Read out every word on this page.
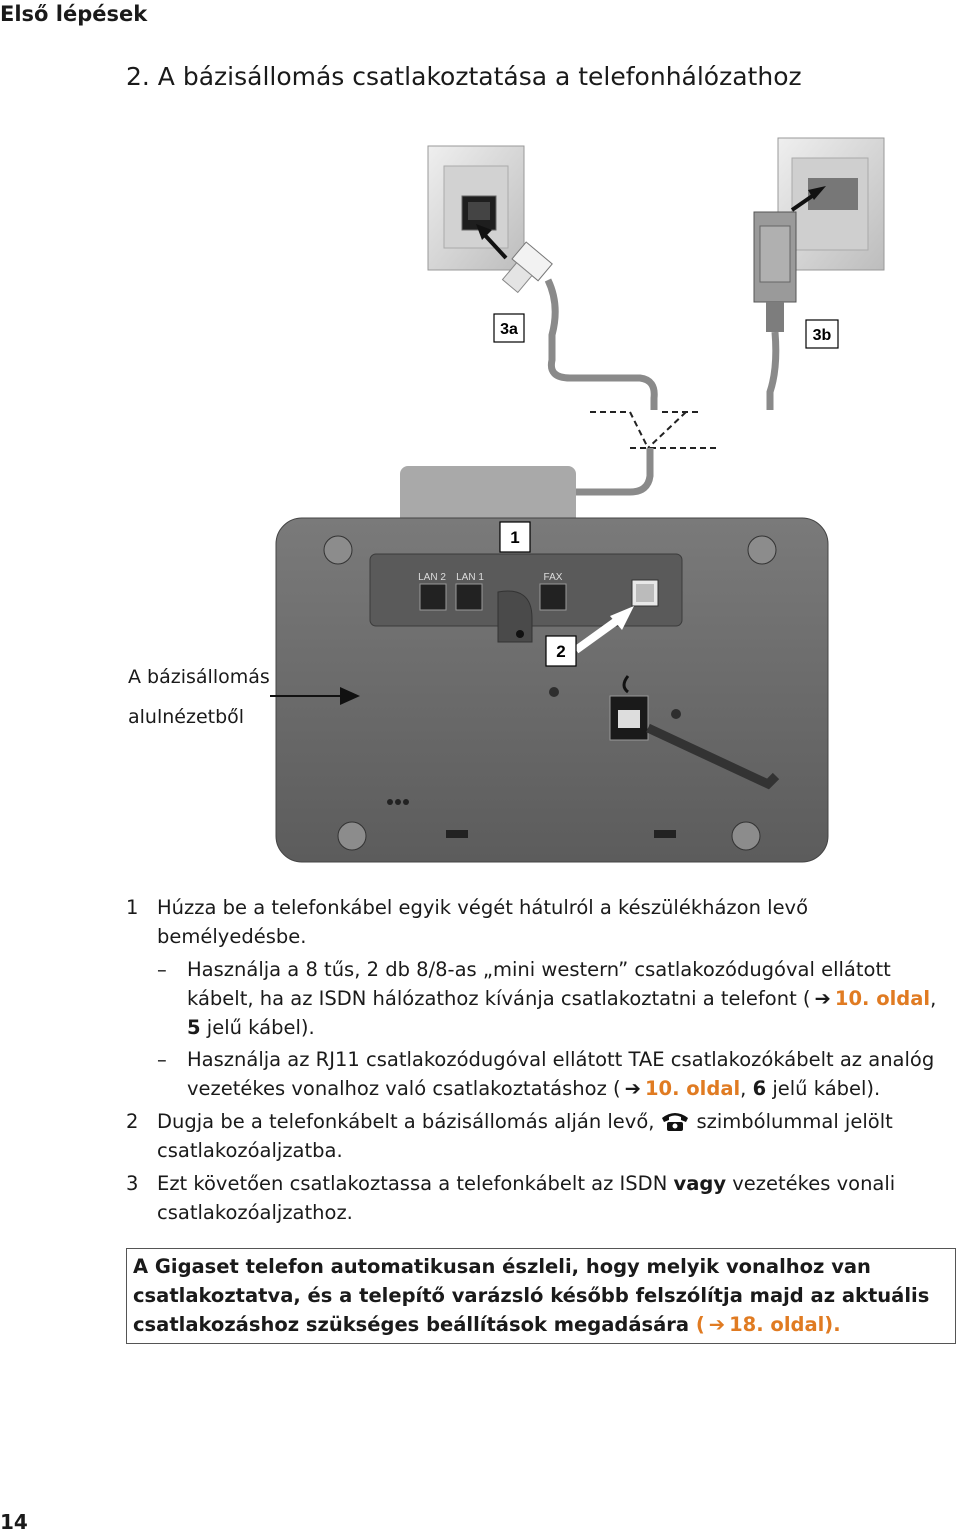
Első lépések
2. A bázisállomás csatlakoztatása a telefonhálózathoz
3a	3b
LAN 2 LAN 1	FAX
1
2
A bázisállomás
alulnézetből
1 Húzza be a telefonkábel egyik végét hátulról a készülékházon levő
bemélyedésbe.
– Használja a 8 tűs, 2 db 8/8-as „mini western” csatlakozódugóval ellátott
kábelt, ha az ISDN hálózathoz kívánja csatlakoztatni a telefont ( ➔ 10. oldal,
5 jelű kábel).
– Használja az RJ11 csatlakozódugóval ellátott TAE csatlakozókábelt az analóg
vezetékes vonalhoz való csatlakoztatáshoz ( ➔ 10. oldal, 6 jelű kábel).
2 Dugja be a telefonkábelt a bázisállomás alján levő, szimbólummal jelölt
csatlakozóaljzatba.
3 Ezt követően csatlakoztassa a telefonkábelt az ISDN vagy vezetékes vonali
csatlakozóaljzathoz.
A Gigaset telefon automatikusan észleli, hogy melyik vonalhoz van
csatlakoztatva, és a telepítő varázsló később felszólítja majd az aktuális
csatlakozáshoz szükséges beállítások megadására ( ➔ 18. oldal).
14
